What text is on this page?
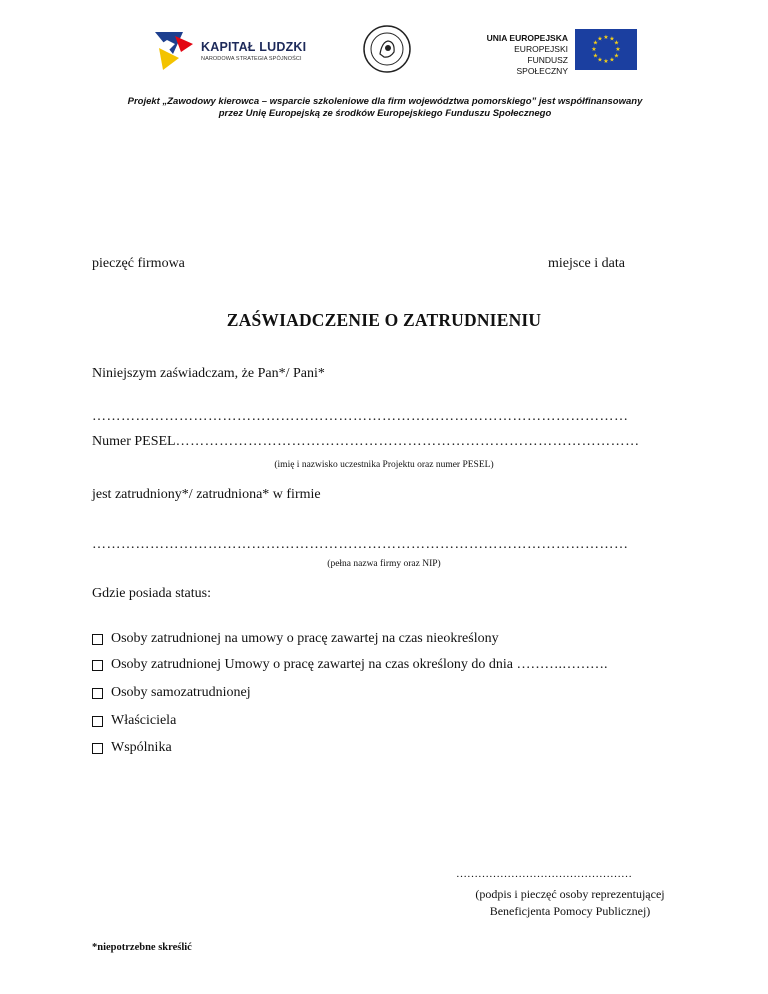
KAPITAŁ LUDZKI
NARODOWA STRATEGIA SPÓJNOŚCI
UNIA EUROPEJSKA
EUROPEJSKI
FUNDUSZ SPOŁECZNY
★ ★
★
★
★
★
★
★
★
★
★
★
Projekt „Zawodowy kierowca – wsparcie szkoleniowe dla firm województwa pomorskiego” jest współfinansowany
przez Unię Europejską ze środków Europejskiego Funduszu Społecznego
pieczęć firmowa	miejsce i data
ZAŚWIADCZENIE O ZATRUDNIENIU
Niniejszym zaświadczam, że Pan*/ Pani*
…………………………………………………………………………………………………
Numer PESEL……………………………………………………………………………………
(imię i nazwisko uczestnika Projektu oraz numer PESEL)
jest zatrudniony*/ zatrudniona* w firmie
…………………………………………………………………………………………………
(pełna nazwa firmy oraz NIP)
Gdzie posiada status:
Osoby zatrudnionej na umowy o pracę zawartej na czas nieokreślony
Osoby zatrudnionej Umowy o pracę zawartej na czas określony do dnia ……….……….
Osoby samozatrudnionej
Właściciela
Wspólnika
…………………………………………
(podpis i pieczęć osoby reprezentującej
Beneficjenta Pomocy Publicznej)
*niepotrzebne skreślić
